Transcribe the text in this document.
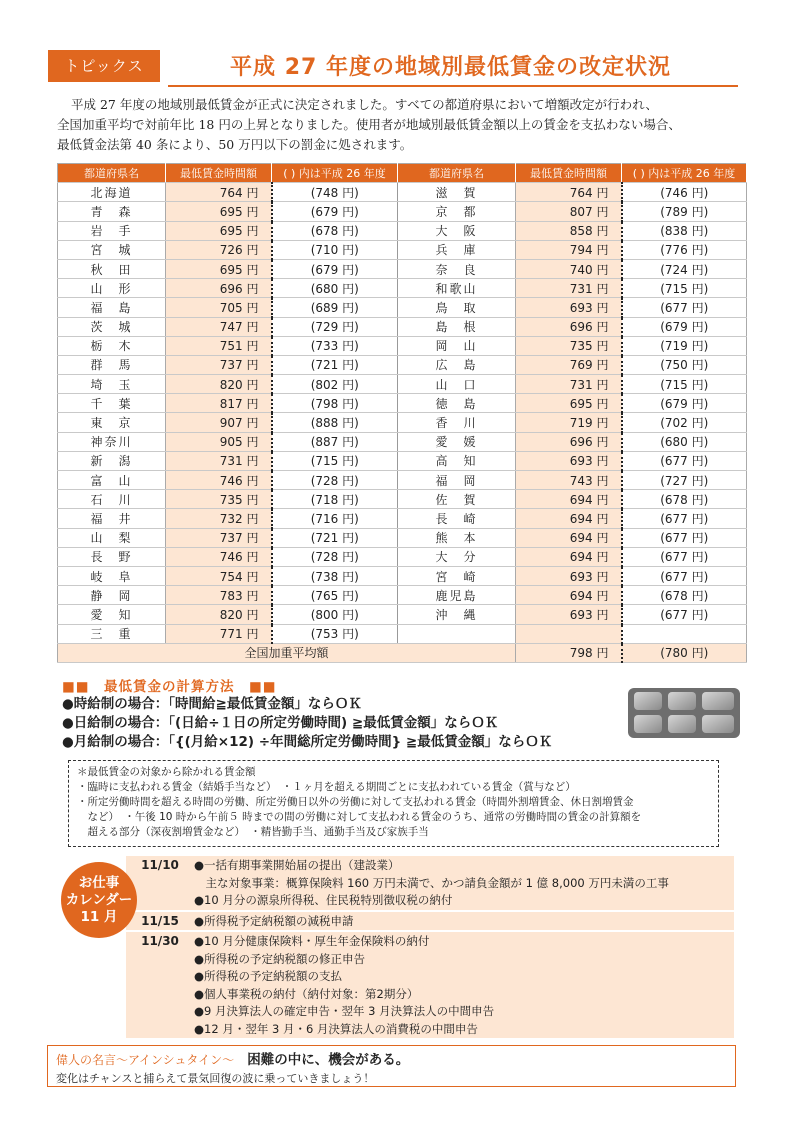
トピックス	平成 27 年度の地域別最低賃金の改定状況

平成 27 年度の地域別最低賃金が正式に決定されました。すべての都道府県において増額改定が行われ、

全国加重平均で対前年比 18 円の上昇となりました。使用者が地域別最低賃金額以上の賃金を支払わない場合、

最低賃金法第 40 条により、50 万円以下の罰金に処されます。

都道府県名	最低賃金時間額	( ) 内は平成 26 年度	都道府県名	最低賃金時間額	( ) 内は平成 26 年度
北海道	764 円	(748 円)	滋　賀	764 円	(746 円)
青　森	695 円	(679 円)	京　都	807 円	(789 円)
岩　手	695 円	(678 円)	大　阪	858 円	(838 円)
宮　城	726 円	(710 円)	兵　庫	794 円	(776 円)
秋　田	695 円	(679 円)	奈　良	740 円	(724 円)
山　形	696 円	(680 円)	和歌山	731 円	(715 円)
福　島	705 円	(689 円)	鳥　取	693 円	(677 円)
茨　城	747 円	(729 円)	島　根	696 円	(679 円)
栃　木	751 円	(733 円)	岡　山	735 円	(719 円)
群　馬	737 円	(721 円)	広　島	769 円	(750 円)
埼　玉	820 円	(802 円)	山　口	731 円	(715 円)
千　葉	817 円	(798 円)	徳　島	695 円	(679 円)
東　京	907 円	(888 円)	香　川	719 円	(702 円)
神奈川	905 円	(887 円)	愛　媛	696 円	(680 円)
新　潟	731 円	(715 円)	高　知	693 円	(677 円)
富　山	746 円	(728 円)	福　岡	743 円	(727 円)
石　川	735 円	(718 円)	佐　賀	694 円	(678 円)
福　井	732 円	(716 円)	長　崎	694 円	(677 円)
山　梨	737 円	(721 円)	熊　本	694 円	(677 円)
長　野	746 円	(728 円)	大　分	694 円	(677 円)
岐　阜	754 円	(738 円)	宮　崎	693 円	(677 円)
静　岡	783 円	(765 円)	鹿児島	694 円	(678 円)
愛　知	820 円	(800 円)	沖　縄	693 円	(677 円)
三　重	771 円	(753 円)			
全国加重平均額				798 円	(780 円)
■■　最低賃金の計算方法　■■
●時給制の場合：「時間給≧最低賃金額」ならＯＫ
●日給制の場合：「(日給÷１日の所定労働時間) ≧最低賃金額」ならＯＫ
●月給制の場合：「{(月給×12) ÷年間総所定労働時間} ≧最低賃金額」ならＯＫ
＊最低賃金の対象から除かれる賃金額
・臨時に支払われる賃金（結婚手当など）　・１ヶ月を超える期間ごとに支払われている賃金（賞与など）
・所定労働時間を超える時間の労働、所定労働日以外の労働に対して支払われる賃金（時間外割増賃金、休日割増賃金
　など）　・午後 10 時から午前５ 時までの間の労働に対して支払われる賃金のうち、通常の労働時間の賃金の計算額を
　超える部分（深夜割増賃金など）　・精皆勤手当、通勤手当及び家族手当
11/10	●一括有期事業開始届の提出（建設業）
　主な対象事業：概算保険料 160 万円未満で、かつ請負金額が 1 億 8,000 万円未満の工事
●10 月分の源泉所得税、住民税特別徴収税の納付
11/15	●所得税予定納税額の減税申請
11/30	●10 月分健康保険料・厚生年金保険料の納付
●所得税の予定納税額の修正申告
●所得税の予定納税額の支払
●個人事業税の納付（納付対象：第2期分）
●9 月決算法人の確定申告・翌年 3 月決算法人の中間申告
●12 月・翌年 3 月・6 月決算法人の消費税の中間申告
お仕事
カレンダー
11 月
偉人の名言～アインシュタイン～ 困難の中に、機会がある。
変化はチャンスと捕らえて景気回復の波に乗っていきましょう！
